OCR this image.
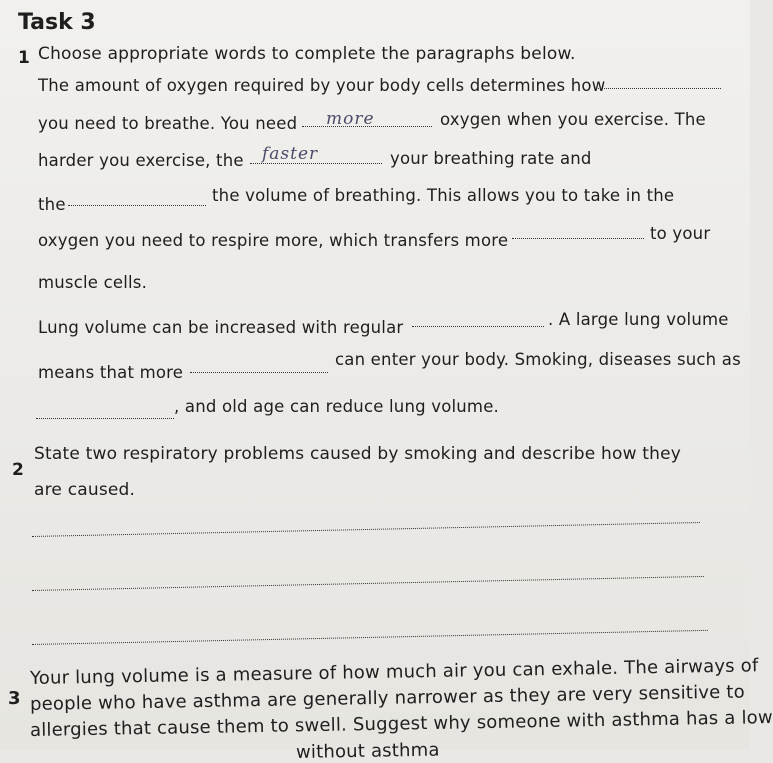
Task 3
1 Choose appropriate words to complete the paragraphs below.
The amount of oxygen required by your body cells determines how
you need to breathe. You need more	oxygen when you exercise. The
harder you exercise, the faster	your breathing rate and
the	the volume of breathing. This allows you to take in the
oxygen you need to respire more, which transfers more	to your
muscle cells.
Lung volume can be increased with regular	. A large lung volume
means that more
can enter your body. Smoking, diseases such as
, and old age can reduce lung volume.
2
State two respiratory problems caused by smoking and describe how they
are caused.
3
Your lung volume is a measure of how much air you can exhale. The airways of
people who have asthma are generally narrower as they are very sensitive to
allergies that cause them to swell. Suggest why someone with asthma has a low
without asthma
